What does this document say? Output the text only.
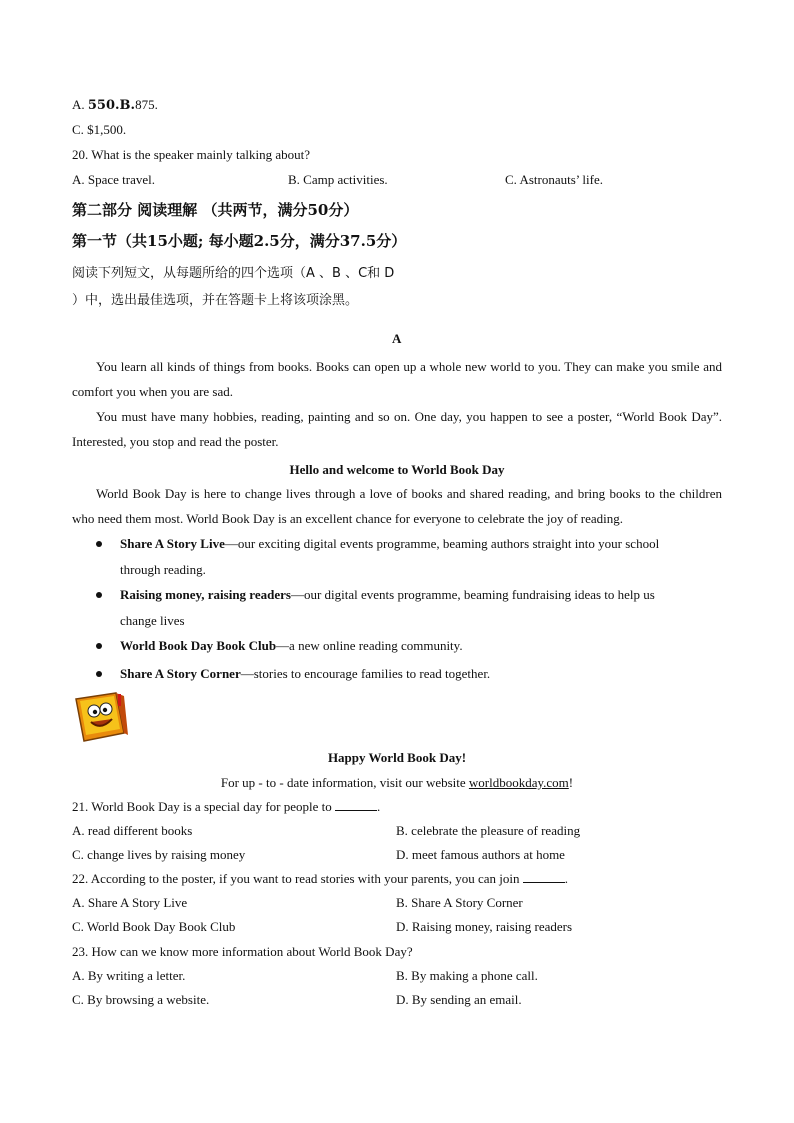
A. 550.B.875.
C. $1,500.
20. What is the speaker mainly talking about?
A. Space travel.	B. Camp activities.	C. Astronauts’ life.
第二部分 阅读理解 （共两节，满分50分）
第一节（共15小题; 每小题2.5分，满分37.5分）
阅读下列短文，从每题所给的四个选项（A 、B 、C和 D
）中，选出最佳选项，并在答题卡上将该项涂黑。
A
You learn all kinds of things from books. Books can open up a whole new world to you. They can make you smile and comfort you when you are sad.
You must have many hobbies, reading, painting and so on. One day, you happen to see a poster, “World Book Day”. Interested, you stop and read the poster.
Hello and welcome to World Book Day
World Book Day is here to change lives through a love of books and shared reading, and bring books to the children who need them most. World Book Day is an excellent chance for everyone to celebrate the joy of reading.
Share A Story Live—our exciting digital events programme, beaming authors straight into your school
through reading.
Raising money, raising readers—our digital events programme, beaming fundraising ideas to help us
change lives
World Book Day Book Club—a new online reading community.
Share A Story Corner—stories to encourage families to read together.
Happy World Book Day!
For up - to - date information, visit our website worldbookday.com!
21. World Book Day is a special day for people to	.
A. read different books	B. celebrate the pleasure of reading
C. change lives by raising money	D. meet famous authors at home
22. According to the poster, if you want to read stories with your parents, you can join	.
A. Share A Story Live	B. Share A Story Corner
C. World Book Day Book Club	D. Raising money, raising readers
23. How can we know more information about World Book Day?
A. By writing a letter.	B. By making a phone call.
C. By browsing a website.	D. By sending an email.
